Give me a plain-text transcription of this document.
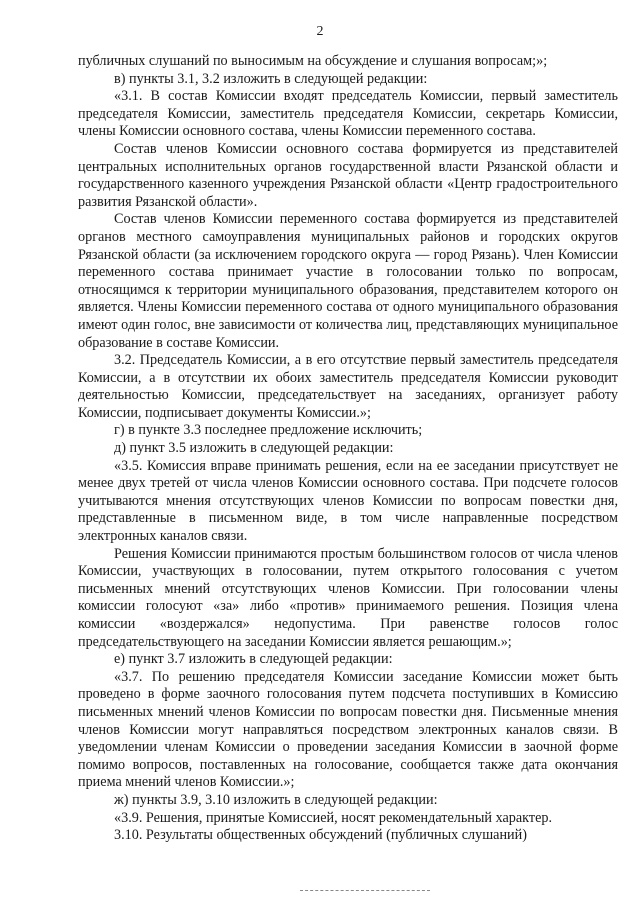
2

публичных слушаний по выносимым на обсуждение и слушания вопросам;»;

в) пункты 3.1, 3.2 изложить в следующей редакции:

«3.1. В состав Комиссии входят председатель Комиссии, первый заместитель председателя Комиссии, заместитель председателя Комиссии, секретарь Комиссии, члены Комиссии основного состава, члены Комиссии переменного состава.

Состав членов Комиссии основного состава формируется из представителей центральных исполнительных органов государственной власти Рязанской области и государственного казенного учреждения Рязанской области «Центр градостроительного развития Рязанской области».

Состав членов Комиссии переменного состава формируется из представителей органов местного самоуправления муниципальных районов и городских округов Рязанской области (за исключением городского округа — город Рязань). Член Комиссии переменного состава принимает участие в голосовании только по вопросам, относящимся к территории муниципального образования, представителем которого он является. Члены Комиссии переменного состава от одного муниципального образования имеют один голос, вне зависимости от количества лиц, представляющих муниципальное образование в составе Комиссии.

3.2. Председатель Комиссии, а в его отсутствие первый заместитель председателя Комиссии, а в отсутствии их обоих заместитель председателя Комиссии руководит деятельностью Комиссии, председательствует на заседаниях, организует работу Комиссии, подписывает документы Комиссии.»;

г) в пункте 3.3 последнее предложение исключить;

д) пункт 3.5 изложить в следующей редакции:

«3.5. Комиссия вправе принимать решения, если на ее заседании присутствует не менее двух третей от числа членов Комиссии основного состава. При подсчете голосов учитываются мнения отсутствующих членов Комиссии по вопросам повестки дня, представленные в письменном виде, в том числе направленные посредством электронных каналов связи.

Решения Комиссии принимаются простым большинством голосов от числа членов Комиссии, участвующих в голосовании, путем открытого голосования с учетом письменных мнений отсутствующих членов Комиссии. При голосовании члены комиссии голосуют «за» либо «против» принимаемого решения. Позиция члена комиссии «воздержался» недопустима. При равенстве голосов голос председательствующего на заседании Комиссии является решающим.»;

е) пункт 3.7 изложить в следующей редакции:

«3.7. По решению председателя Комиссии заседание Комиссии может быть проведено в форме заочного голосования путем подсчета поступивших в Комиссию письменных мнений членов Комиссии по вопросам повестки дня. Письменные мнения членов Комиссии могут направляться посредством электронных каналов связи. В уведомлении членам Комиссии о проведении заседания Комиссии в заочной форме помимо вопросов, поставленных на голосование, сообщается также дата окончания приема мнений членов Комиссии.»;

ж) пункты 3.9, 3.10 изложить в следующей редакции:

«3.9. Решения, принятые Комиссией, носят рекомендательный характер.

3.10. Результаты общественных обсуждений (публичных слушаний)
